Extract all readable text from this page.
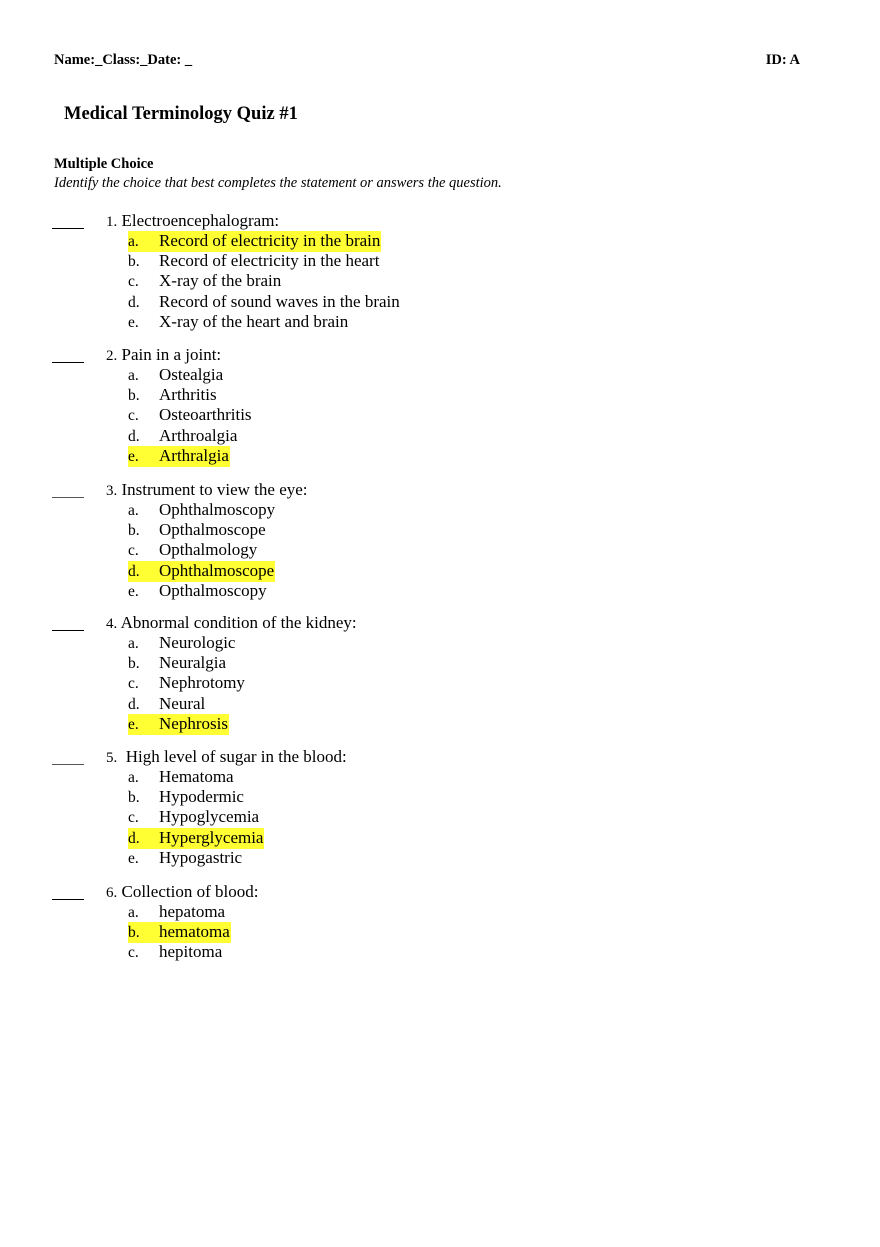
Name:_Class:_Date: _	ID: A
Medical Terminology Quiz #1
Multiple Choice
Identify the choice that best completes the statement or answers the question.
1. Electroencephalogram:
a. Record of electricity in the brain
b. Record of electricity in the heart
c. X-ray of the brain
d. Record of sound waves in the brain
e. X-ray of the heart and brain
2. Pain in a joint:
a. Ostealgia
b. Arthritis
c. Osteoarthritis
d. Arthroalgia
e. Arthralgia
3. Instrument to view the eye:
a. Ophthalmoscopy
b. Opthalmoscope
c. Opthalmology
d. Ophthalmoscope
e. Opthalmoscopy
4. Abnormal condition of the kidney:
a. Neurologic
b. Neuralgia
c. Nephrotomy
d. Neural
e. Nephrosis
5. High level of sugar in the blood:
a. Hematoma
b. Hypodermic
c. Hypoglycemia
d. Hyperglycemia
e. Hypogastric
6. Collection of blood:
a. hepatoma
b. hematoma
c. hepitoma
